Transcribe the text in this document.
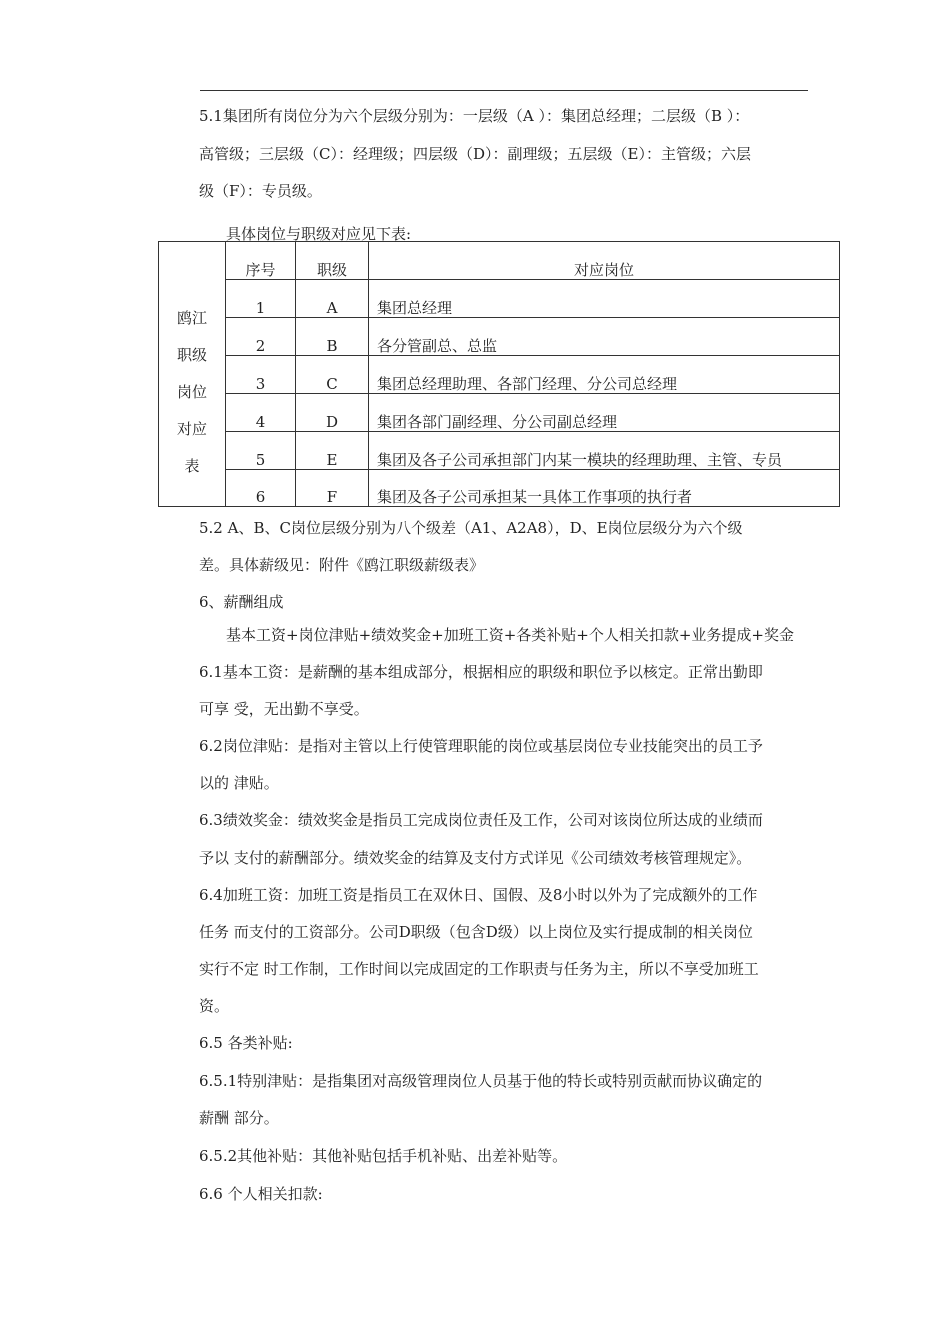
5.1集团所有岗位分为六个层级分别为：一层级（A ）：集团总经理；二层级（B ）：
高管级；三层级（C）：经理级；四层级（D）：副理级；五层级（E）：主管级；六层
级（F）：专员级。
具体岗位与职级对应见下表:
鸥江
职级
岗位
对应
表	序号	职级	对应岗位
	1	A	集团总经理
	2	B	各分管副总、总监
	3	C	集团总经理助理、各部门经理、分公司总经理
	4	D	集团各部门副经理、分公司副总经理
	5	E	集团及各子公司承担部门内某一模块的经理助理、主管、专员
	6	F	集团及各子公司承担某一具体工作事项的执行者
5.2 A、B、C岗位层级分别为八个级差（A1、A2A8），D、E岗位层级分为六个级
差。具体薪级见：附件《鸥江职级薪级表》
6、薪酬组成
基本工资+岗位津贴+绩效奖金+加班工资+各类补贴+个人相关扣款+业务提成+奖金
6.1基本工资：是薪酬的基本组成部分，根据相应的职级和职位予以核定。正常出勤即
可享 受，无出勤不享受。
6.2岗位津贴：是指对主管以上行使管理职能的岗位或基层岗位专业技能突出的员工予
以的 津贴。
6.3绩效奖金：绩效奖金是指员工完成岗位责任及工作，公司对该岗位所达成的业绩而
予以 支付的薪酬部分。绩效奖金的结算及支付方式详见《公司绩效考核管理规定》。
6.4加班工资：加班工资是指员工在双休日、国假、及8小时以外为了完成额外的工作
任务 而支付的工资部分。公司D职级（包含D级）以上岗位及实行提成制的相关岗位
实行不定 时工作制，工作时间以完成固定的工作职责与任务为主，所以不享受加班工
资。
6.5 各类补贴:
6.5.1特别津贴：是指集团对高级管理岗位人员基于他的特长或特别贡献而协议确定的
薪酬 部分。
6.5.2其他补贴：其他补贴包括手机补贴、出差补贴等。
6.6 个人相关扣款:
